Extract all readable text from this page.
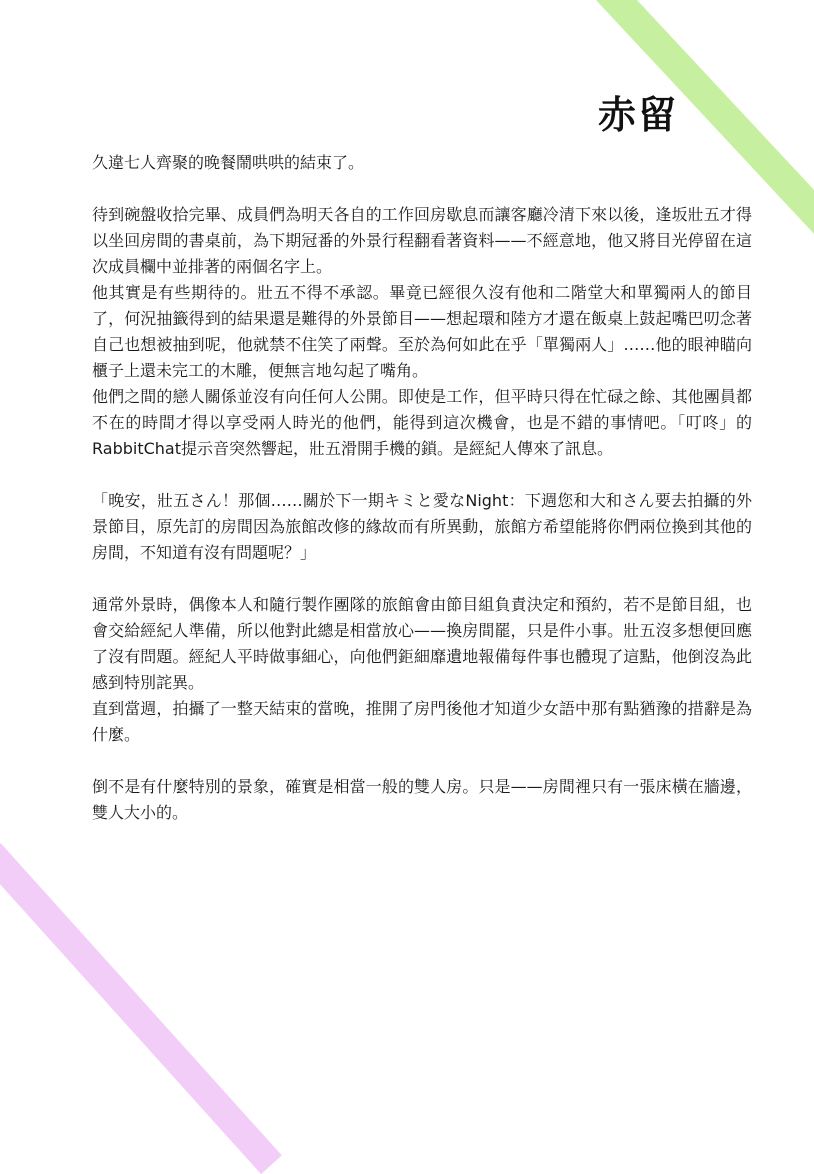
赤留

久違七人齊聚的晚餐鬧哄哄的結束了。

待到碗盤收拾完畢、成員們為明天各自的工作回房歇息而讓客廳冷清下來以後，逢坂壯五才得以坐回房間的書桌前，為下期冠番的外景行程翻看著資料——不經意地，他又將目光停留在這次成員欄中並排著的兩個名字上。

他其實是有些期待的。壯五不得不承認。畢竟已經很久沒有他和二階堂大和單獨兩人的節目了，何況抽籤得到的結果還是難得的外景節目——想起環和陸方才還在飯桌上鼓起嘴巴叨念著自己也想被抽到呢，他就禁不住笑了兩聲。至於為何如此在乎「單獨兩人」……他的眼神瞄向櫃子上還未完工的木雕，便無言地勾起了嘴角。

他們之間的戀人關係並沒有向任何人公開。即使是工作，但平時只得在忙碌之餘、其他團員都不在的時間才得以享受兩人時光的他們，能得到這次機會，也是不錯的事情吧。「叮咚」的RabbitChat提示音突然響起，壯五滑開手機的鎖。是經紀人傳來了訊息。

「晚安，壯五さん！那個……關於下一期キミと愛なNight：下週您和大和さん要去拍攝的外景節目，原先訂的房間因為旅館改修的緣故而有所異動，旅館方希望能將你們兩位換到其他的房間，不知道有沒有問題呢？」

通常外景時，偶像本人和隨行製作團隊的旅館會由節目組負責決定和預約，若不是節目組，也會交給經紀人準備，所以他對此總是相當放心——換房間罷，只是件小事。壯五沒多想便回應了沒有問題。經紀人平時做事細心，向他們鉅細靡遺地報備每件事也體現了這點，他倒沒為此感到特別詫異。

直到當週，拍攝了一整天結束的當晚，推開了房門後他才知道少女語中那有點猶豫的措辭是為什麼。

倒不是有什麼特別的景象，確實是相當一般的雙人房。只是——房間裡只有一張床橫在牆邊，雙人大小的。
